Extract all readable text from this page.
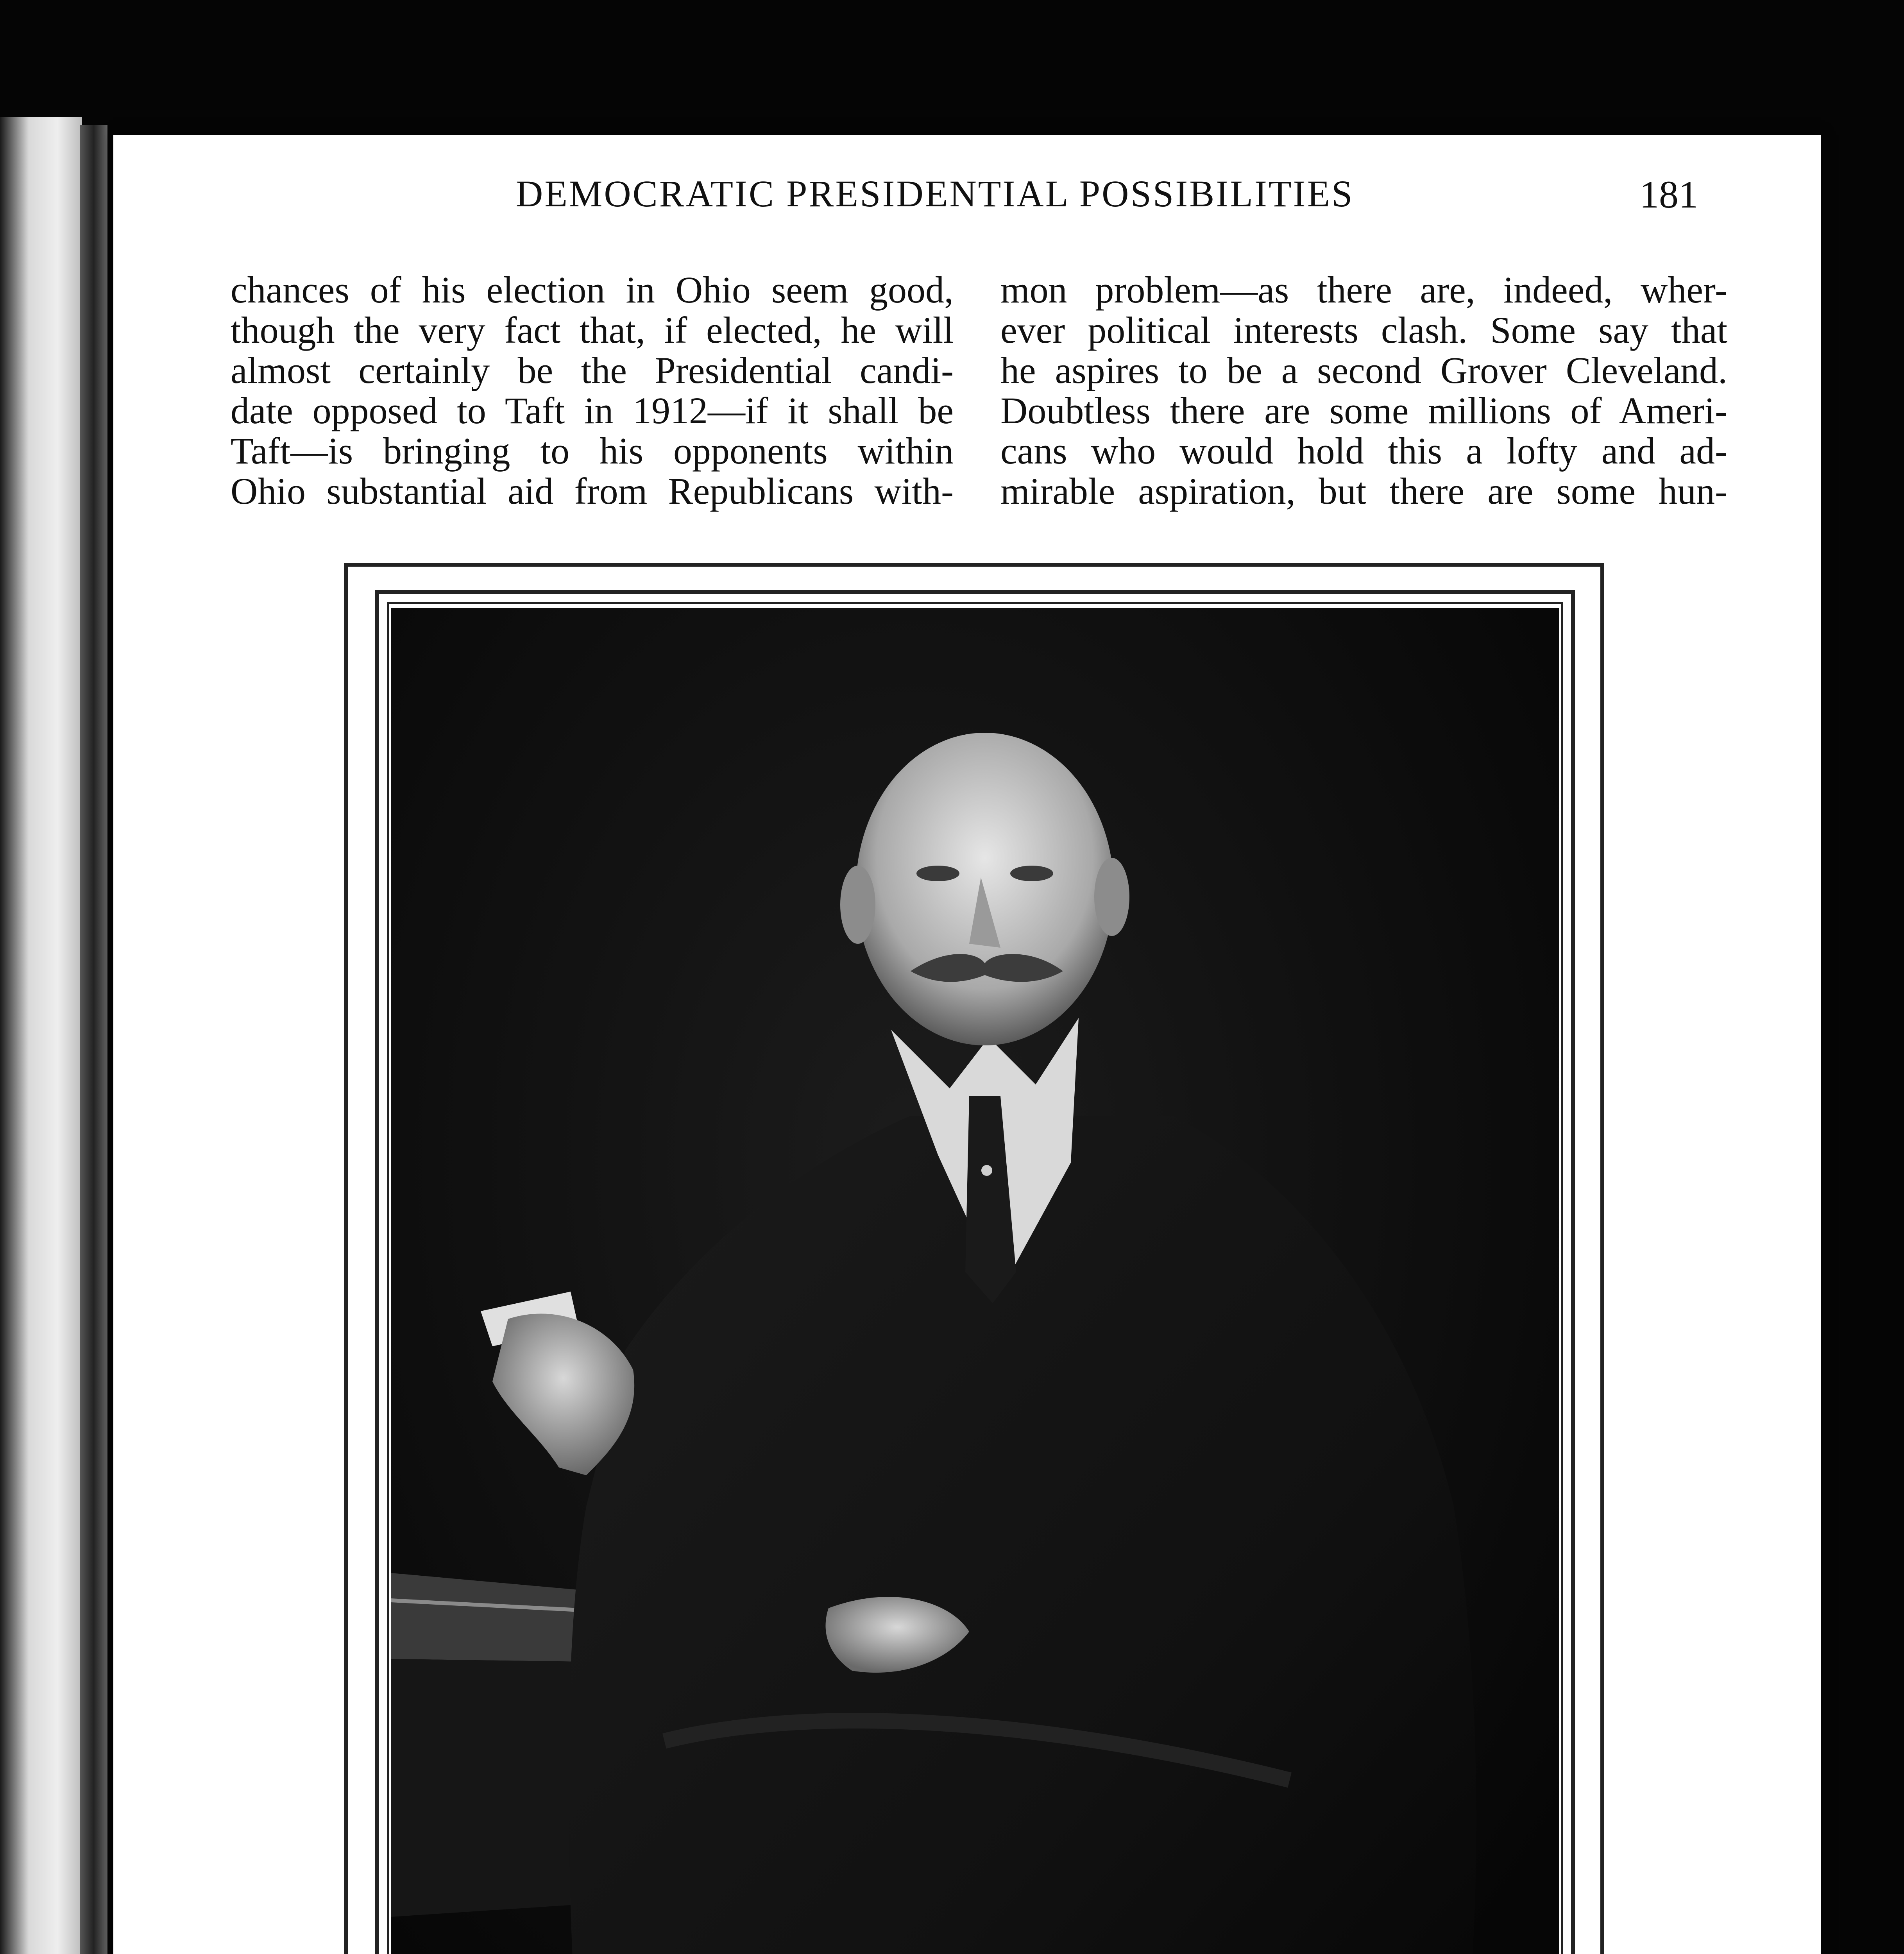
DEMOCRATIC PRESIDENTIAL POSSIBILITIES	181

chances of his election in Ohio seem good,
though the very fact that, if elected, he will
almost certainly be the Presidential candi-
date opposed to Taft in 1912—if it shall be
Taft—is bringing to his opponents within
Ohio substantial aid from Republicans with-

mon problem—as there are, indeed, wher-
ever political interests clash. Some say that
he aspires to be a second Grover Cleveland.
Doubtless there are some millions of Ameri-
cans who would hold this a lofty and ad-
mirable aspiration, but there are some hun-
